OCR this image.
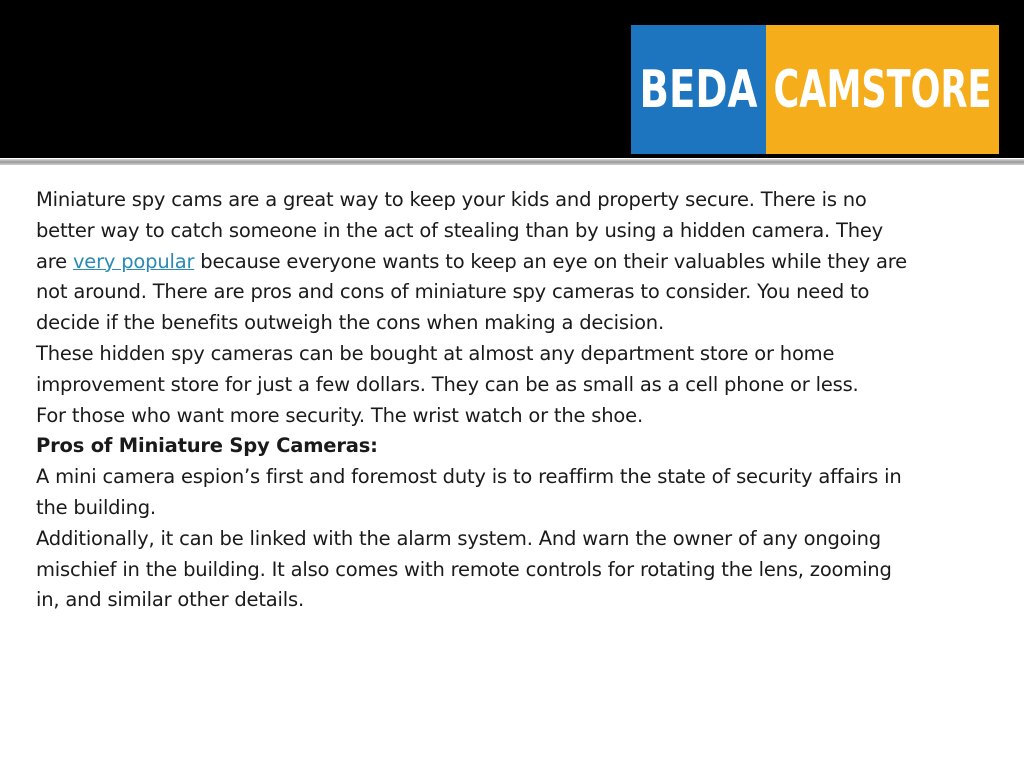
BEDA CAMSTORE

Miniature spy cams are a great way to keep your kids and property secure. There is no better way to catch someone in the act of stealing than by using a hidden camera. They are very popular because everyone wants to keep an eye on their valuables while they are not around. There are pros and cons of miniature spy cameras to consider. You need to decide if the benefits outweigh the cons when making a decision.

These hidden spy cameras can be bought at almost any department store or home improvement store for just a few dollars. They can be as small as a cell phone or less.

For those who want more security. The wrist watch or the shoe.

Pros of Miniature Spy Cameras:

A mini camera espion’s first and foremost duty is to reaffirm the state of security affairs in the building.

Additionally, it can be linked with the alarm system. And warn the owner of any ongoing mischief in the building. It also comes with remote controls for rotating the lens, zooming in, and similar other details.
